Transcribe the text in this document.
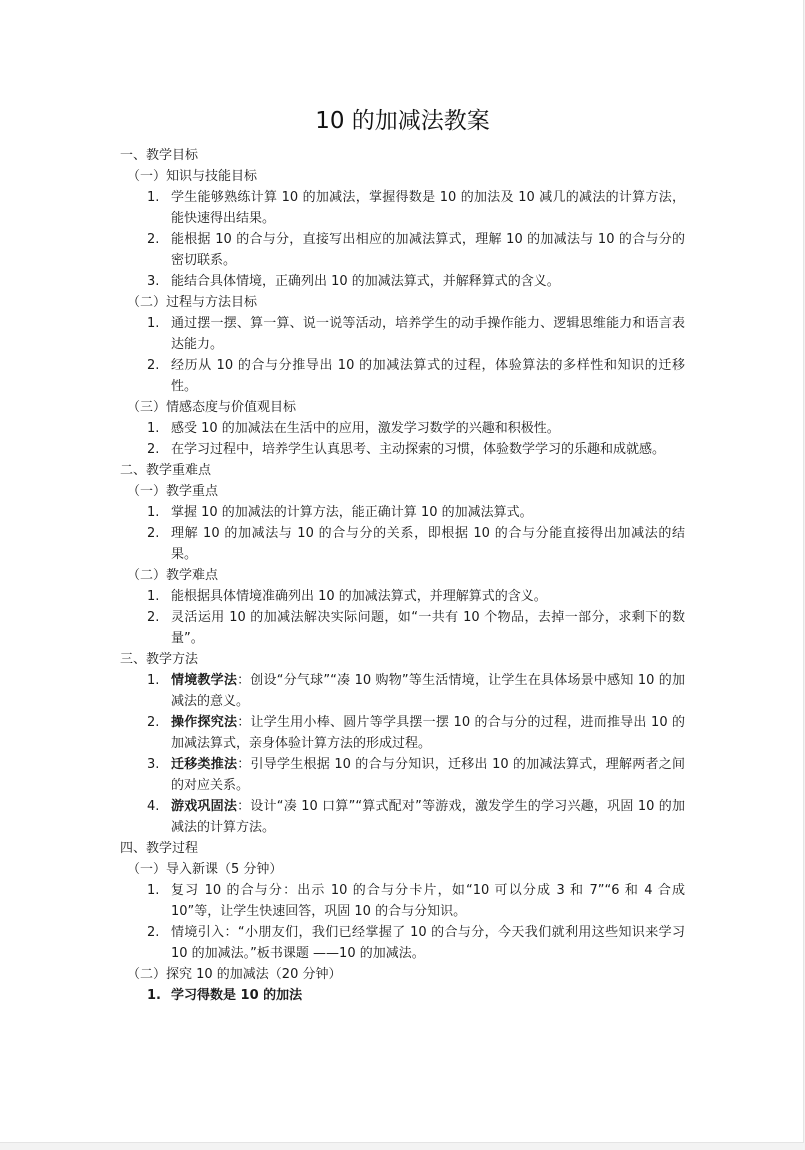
10 的加减法教案

一、教学目标

（一）知识与技能目标

1. 学生能够熟练计算 10 的加减法，掌握得数是 10 的加法及 10 减几的减法的计算方法，能快速得出结果。
2. 能根据 10 的合与分，直接写出相应的加减法算式，理解 10 的加减法与 10 的合与分的密切联系。
3. 能结合具体情境，正确列出 10 的加减法算式，并解释算式的含义。

（二）过程与方法目标

1. 通过摆一摆、算一算、说一说等活动，培养学生的动手操作能力、逻辑思维能力和语言表达能力。
2. 经历从 10 的合与分推导出 10 的加减法算式的过程，体验算法的多样性和知识的迁移性。

（三）情感态度与价值观目标

1. 感受 10 的加减法在生活中的应用，激发学习数学的兴趣和积极性。
2. 在学习过程中，培养学生认真思考、主动探索的习惯，体验数学学习的乐趣和成就感。

二、教学重难点

（一）教学重点

1. 掌握 10 的加减法的计算方法，能正确计算 10 的加减法算式。
2. 理解 10 的加减法与 10 的合与分的关系，即根据 10 的合与分能直接得出加减法的结果。

（二）教学难点

1. 能根据具体情境准确列出 10 的加减法算式，并理解算式的含义。
2. 灵活运用 10 的加减法解决实际问题，如“一共有 10 个物品，去掉一部分，求剩下的数量”。

三、教学方法

1. 情境教学法：创设“分气球”“凑 10 购物”等生活情境，让学生在具体场景中感知 10 的加减法的意义。
2. 操作探究法：让学生用小棒、圆片等学具摆一摆 10 的合与分的过程，进而推导出 10 的加减法算式，亲身体验计算方法的形成过程。
3. 迁移类推法：引导学生根据 10 的合与分知识，迁移出 10 的加减法算式，理解两者之间的对应关系。
4. 游戏巩固法：设计“凑 10 口算”“算式配对”等游戏，激发学生的学习兴趣，巩固 10 的加减法的计算方法。

四、教学过程

（一）导入新课（5 分钟）

1. 复习 10 的合与分：出示 10 的合与分卡片，如“10 可以分成 3 和 7”“6 和 4 合成 10”等，让学生快速回答，巩固 10 的合与分知识。
2. 情境引入：“小朋友们，我们已经掌握了 10 的合与分，今天我们就利用这些知识来学习 10 的加减法。”板书课题 ——10 的加减法。

（二）探究 10 的加减法（20 分钟）

1. 学习得数是 10 的加法
